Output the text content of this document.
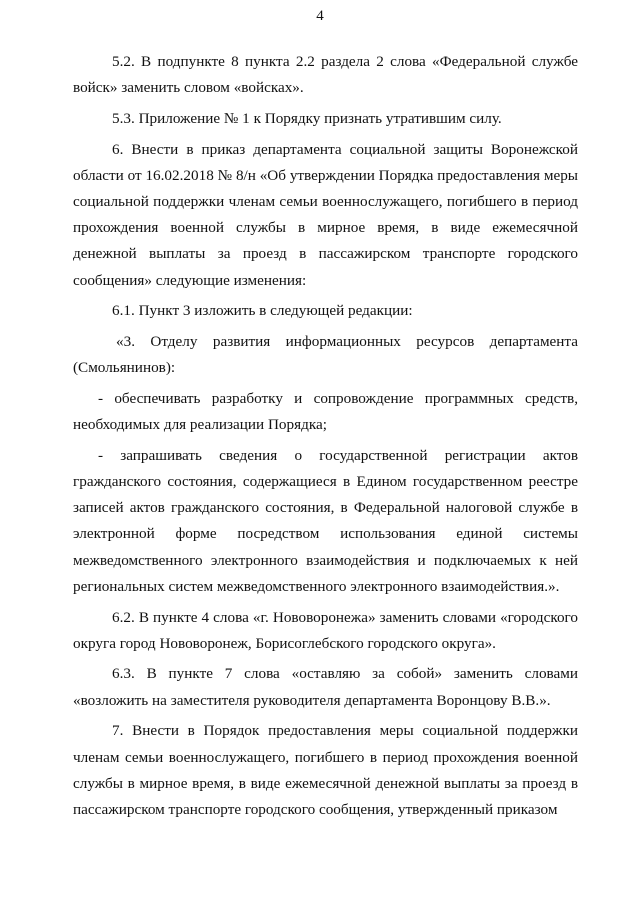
4

5.2. В подпункте 8 пункта 2.2 раздела 2 слова «Федеральной службе войск» заменить словом «войсках».

5.3. Приложение № 1 к Порядку признать утратившим силу.

6. Внести в приказ департамента социальной защиты Воронежской области от 16.02.2018 № 8/н «Об утверждении Порядка предоставления меры социальной поддержки членам семьи военнослужащего, погибшего в период прохождения военной службы в мирное время, в виде ежемесячной денежной выплаты за проезд в пассажирском транспорте городского сообщения» следующие изменения:

6.1. Пункт 3 изложить в следующей редакции:

«3. Отделу развития информационных ресурсов департамента (Смольянинов):

- обеспечивать разработку и сопровождение программных средств, необходимых для реализации Порядка;

- запрашивать сведения о государственной регистрации актов гражданского состояния, содержащиеся в Едином государственном реестре записей актов гражданского состояния, в Федеральной налоговой службе в электронной форме посредством использования единой системы межведомственного электронного взаимодействия и подключаемых к ней региональных систем межведомственного электронного взаимодействия.».

6.2. В пункте 4 слова «г. Нововоронежа» заменить словами «городского округа город Нововоронеж, Борисоглебского городского округа».

6.3. В пункте 7 слова «оставляю за собой» заменить словами «возложить на заместителя руководителя департамента Воронцову В.В.».

7. Внести в Порядок предоставления меры социальной поддержки членам семьи военнослужащего, погибшего в период прохождения военной службы в мирное время, в виде ежемесячной денежной выплаты за проезд в пассажирском транспорте городского сообщения, утвержденный приказом
